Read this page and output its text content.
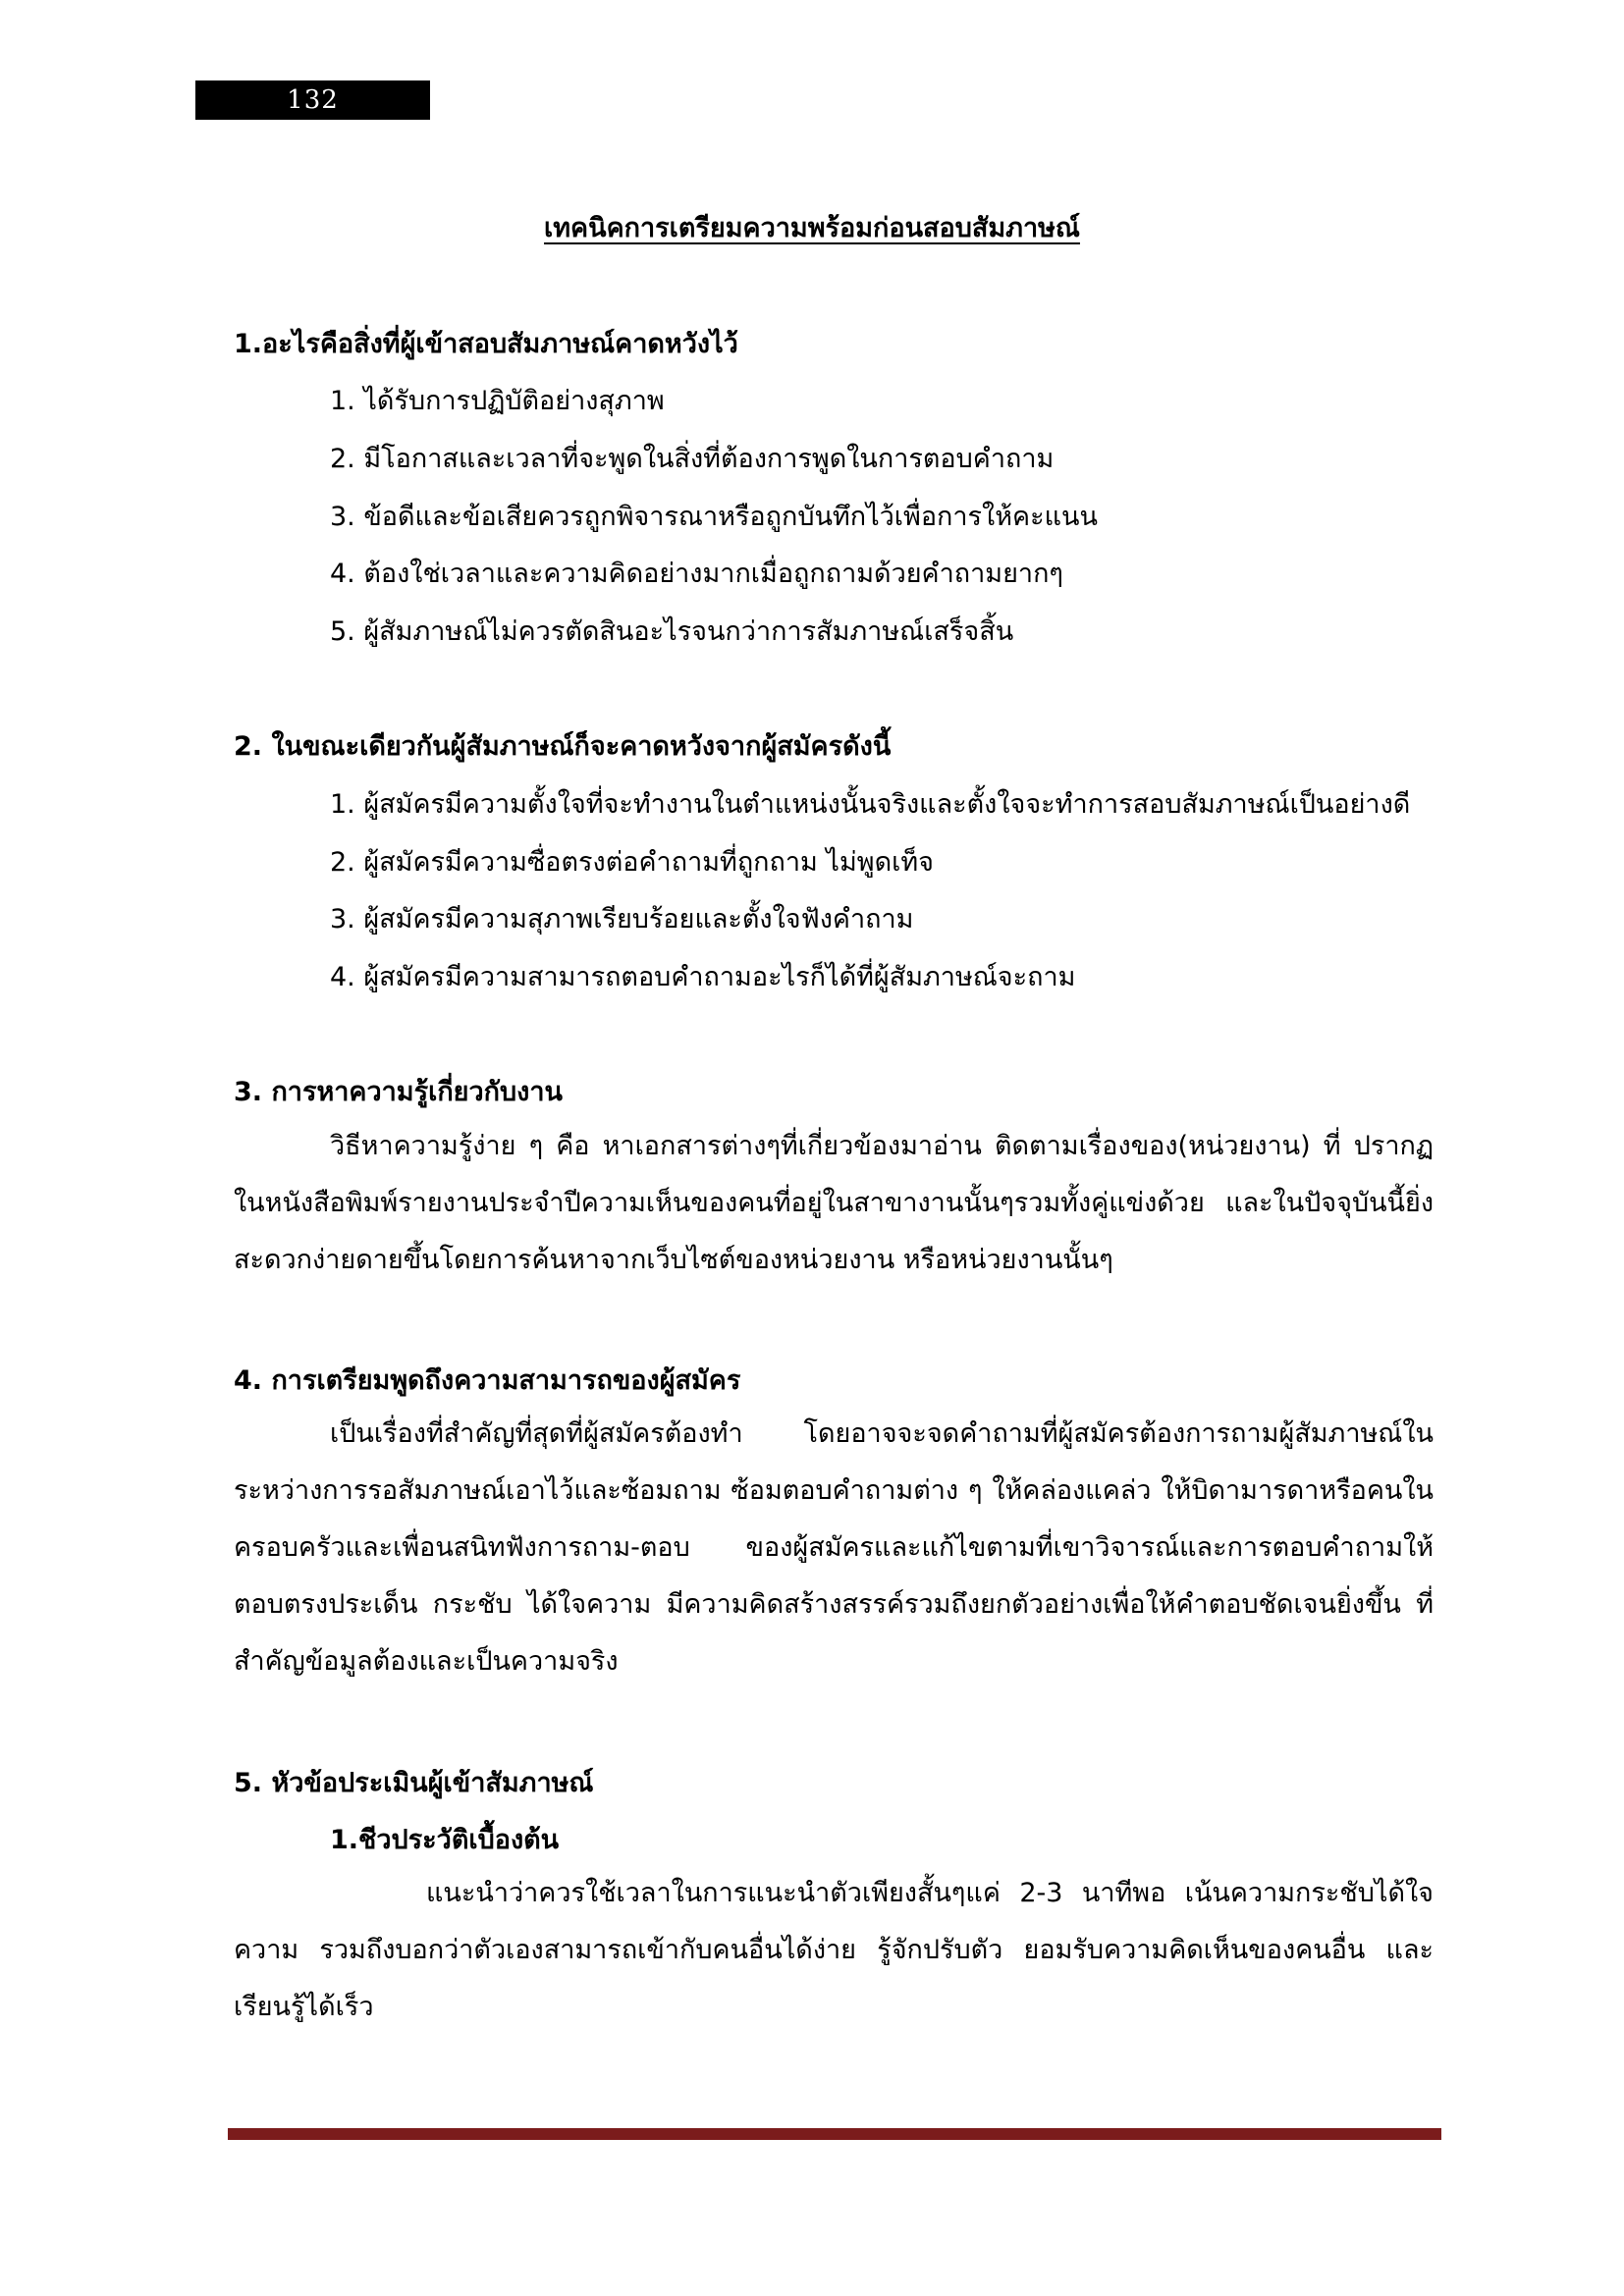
132
เทคนิคการเตรียมความพร้อมก่อนสอบสัมภาษณ์
1.อะไรคือสิ่งที่ผู้เข้าสอบสัมภาษณ์คาดหวังไว้
1. ได้รับการปฏิบัติอย่างสุภาพ
2. มีโอกาสและเวลาที่จะพูดในสิ่งที่ต้องการพูดในการตอบคำถาม
3. ข้อดีและข้อเสียควรถูกพิจารณาหรือถูกบันทึกไว้เพื่อการให้คะแนน
4. ต้องใช่เวลาและความคิดอย่างมากเมื่อถูกถามด้วยคำถามยากๆ
5. ผู้สัมภาษณ์ไม่ควรตัดสินอะไรจนกว่าการสัมภาษณ์เสร็จสิ้น
2. ในขณะเดียวกันผู้สัมภาษณ์ก็จะคาดหวังจากผู้สมัครดังนี้
1. ผู้สมัครมีความตั้งใจที่จะทำงานในตำแหน่งนั้นจริงและตั้งใจจะทำการสอบสัมภาษณ์เป็นอย่างดี
2. ผู้สมัครมีความซื่อตรงต่อคำถามที่ถูกถาม ไม่พูดเท็จ
3. ผู้สมัครมีความสุภาพเรียบร้อยและตั้งใจฟังคำถาม
4. ผู้สมัครมีความสามารถตอบคำถามอะไรก็ได้ที่ผู้สัมภาษณ์จะถาม
3. การหาความรู้เกี่ยวกับงาน

วิธีหาความรู้ง่าย ๆ คือ หาเอกสารต่างๆที่เกี่ยวข้องมาอ่าน ติดตามเรื่องของ(หน่วยงาน) ที่ ปรากฏในหนังสือพิมพ์รายงานประจำปีความเห็นของคนที่อยู่ในสาขางานนั้นๆรวมทั้งคู่แข่งด้วย และในปัจจุบันนี้ยิ่งสะดวกง่ายดายขึ้นโดยการค้นหาจากเว็บไซต์ของหน่วยงาน หรือหน่วยงานนั้นๆ

4. การเตรียมพูดถึงความสามารถของผู้สมัคร

เป็นเรื่องที่สำคัญที่สุดที่ผู้สมัครต้องทำ โดยอาจจะจดคำถามที่ผู้สมัครต้องการถามผู้สัมภาษณ์ในระหว่างการรอสัมภาษณ์เอาไว้และซ้อมถาม ซ้อมตอบคำถามต่าง ๆ ให้คล่องแคล่ว ให้บิดามารดาหรือคนในครอบครัวและเพื่อนสนิทฟังการถาม-ตอบ ของผู้สมัครและแก้ไขตามที่เขาวิจารณ์และการตอบคำถามให้ตอบตรงประเด็น กระชับ ได้ใจความ มีความคิดสร้างสรรค์รวมถึงยกตัวอย่างเพื่อให้คำตอบชัดเจนยิ่งขึ้น ที่สำคัญข้อมูลต้องและเป็นความจริง

5. หัวข้อประเมินผู้เข้าสัมภาษณ์
1.ชีวประวัติเบื้องต้น

แนะนำว่าควรใช้เวลาในการแนะนำตัวเพียงสั้นๆแค่ 2-3 นาทีพอ เน้นความกระชับได้ใจความ รวมถึงบอกว่าตัวเองสามารถเข้ากับคนอื่นได้ง่าย รู้จักปรับตัว ยอมรับความคิดเห็นของคนอื่น และเรียนรู้ได้เร็ว
